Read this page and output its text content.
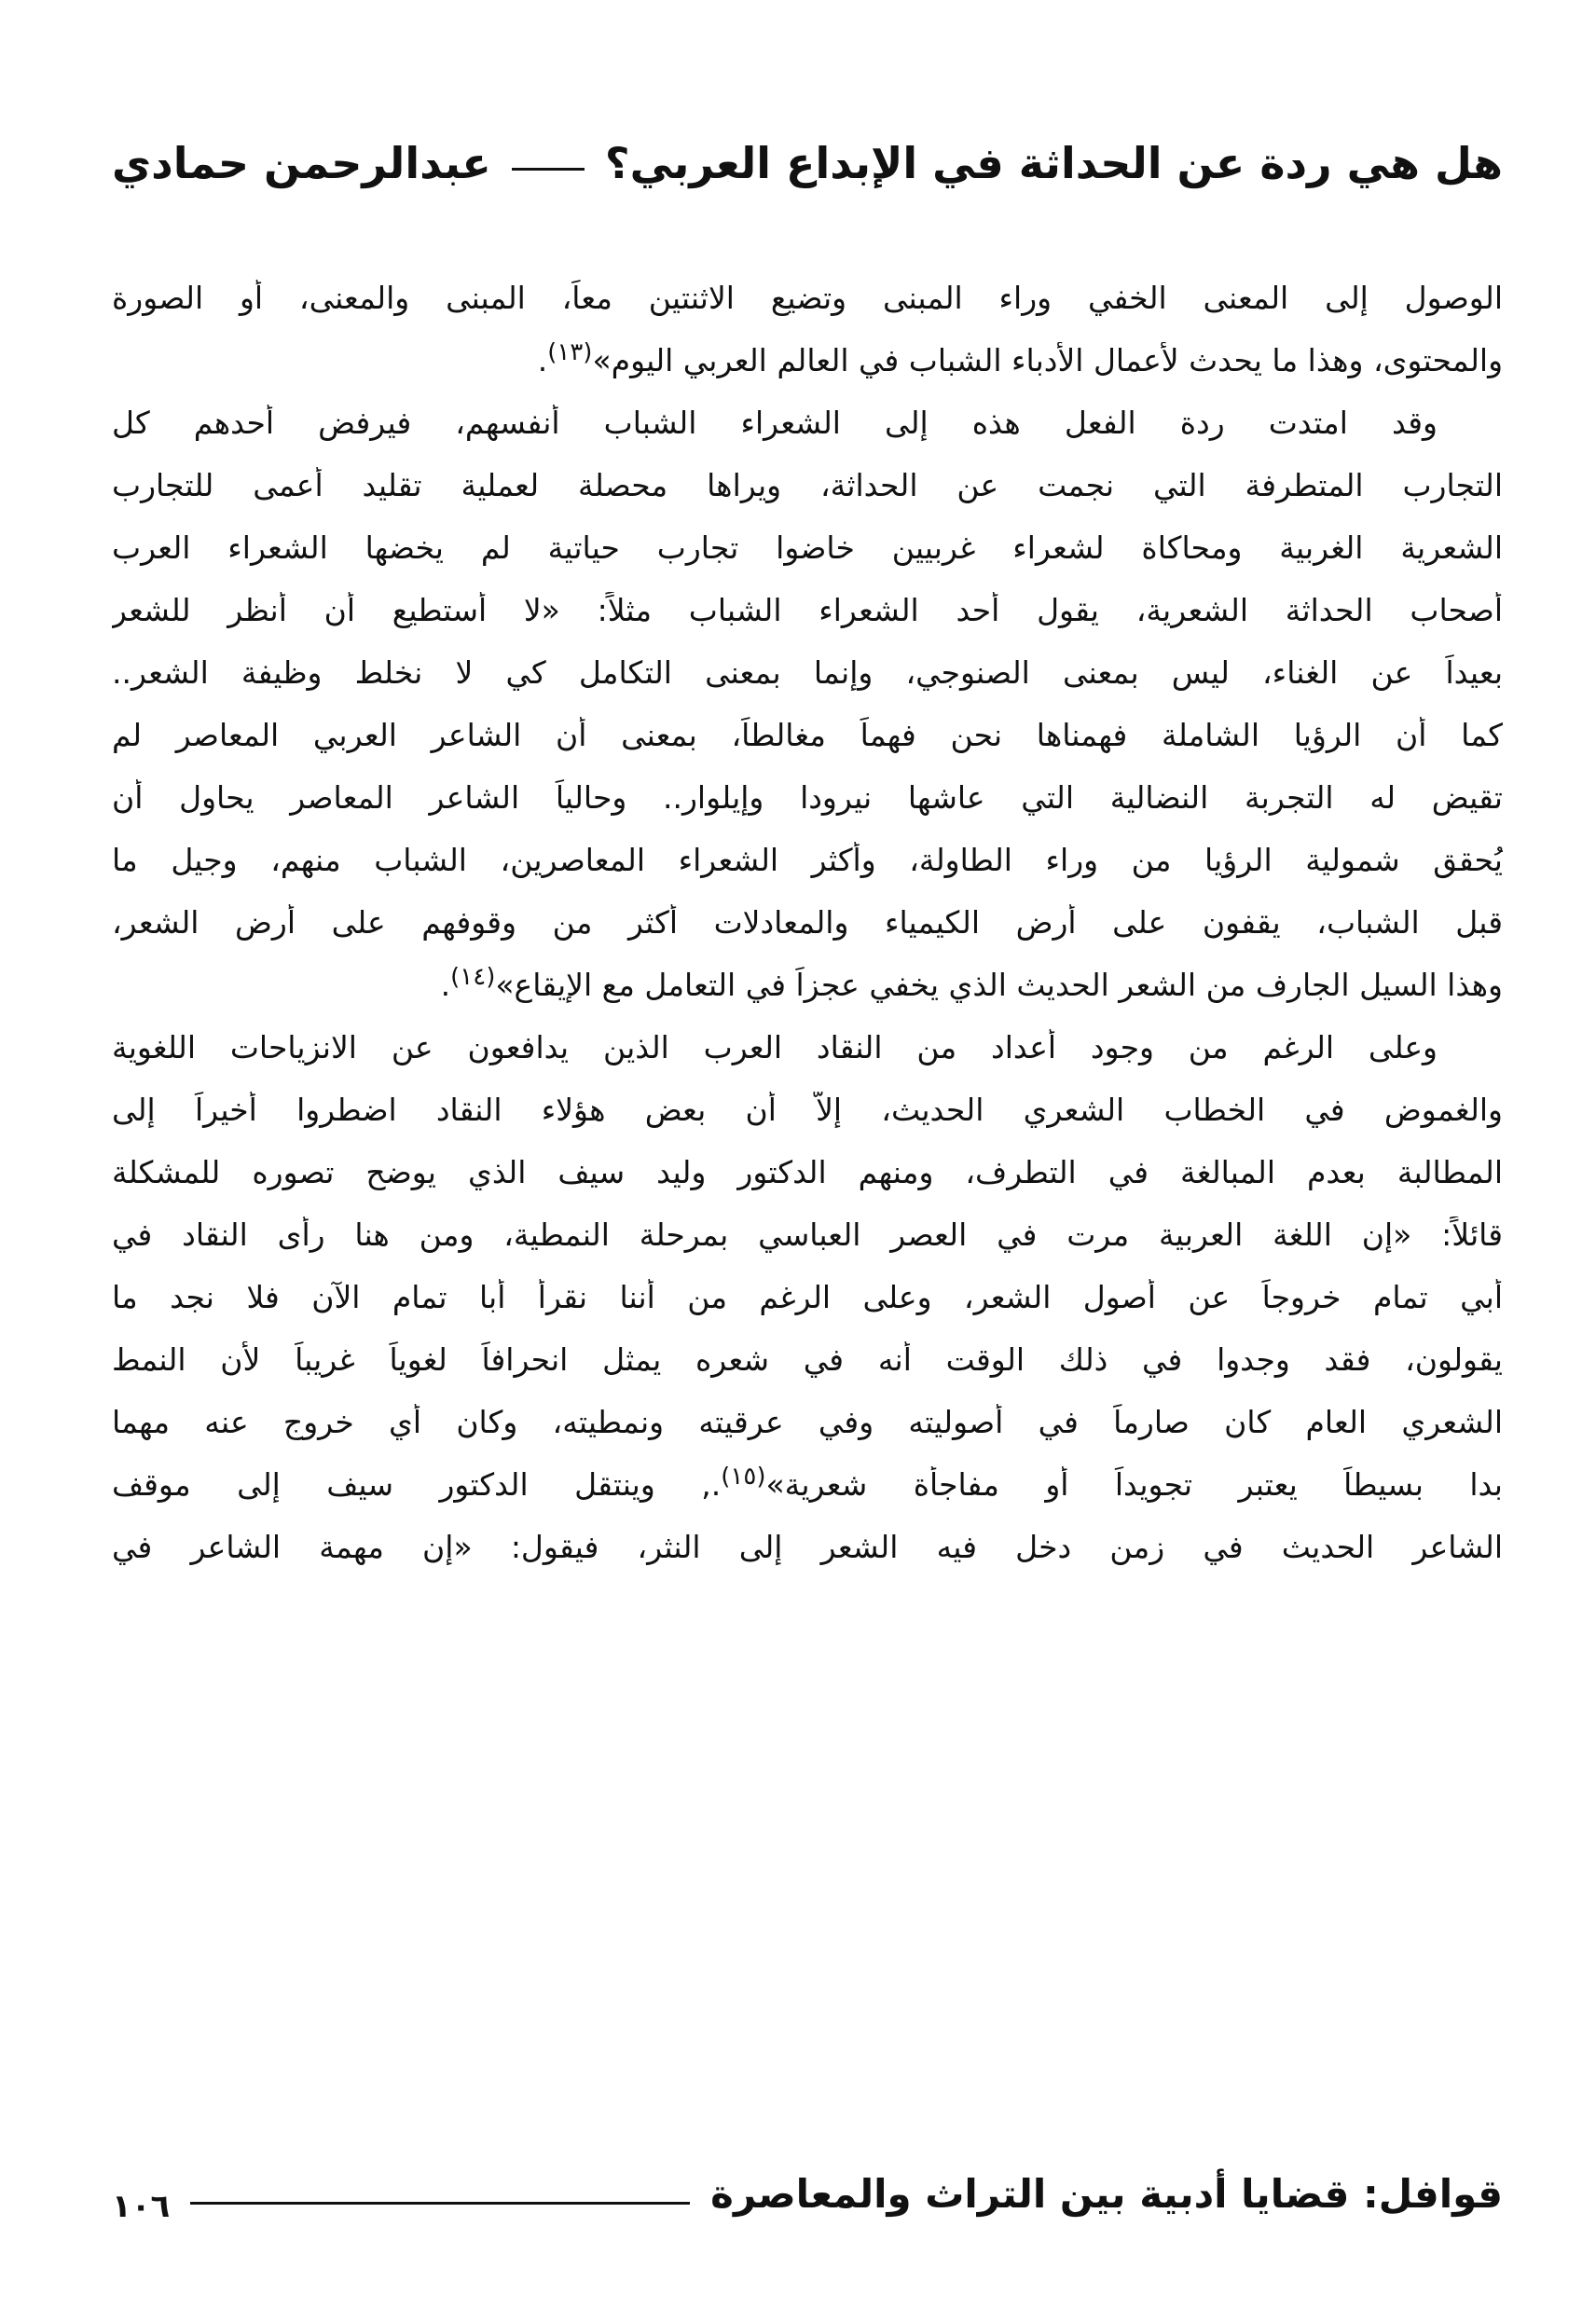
هل هي ردة عن الحداثة في الإبداع العربي؟
عبدالرحمن حمادي
الوصول إلى المعنى الخفي وراء المبنى وتضيع الاثنتين معاً، المبنى والمعنى، أو الصورة
والمحتوى، وهذا ما يحدث لأعمال الأدباء الشباب في العالم العربي اليوم»$^{(١٣)}$.
وقد امتدت ردة الفعل هذه إلى الشعراء الشباب أنفسهم، فيرفض أحدهم كل
التجارب المتطرفة التي نجمت عن الحداثة، ويراها محصلة لعملية تقليد أعمى للتجارب
الشعرية الغربية ومحاكاة لشعراء غربيين خاضوا تجارب حياتية لم يخضها الشعراء العرب
أصحاب الحداثة الشعرية، يقول أحد الشعراء الشباب مثلاً: «لا أستطيع أن أنظر للشعر
بعيداً عن الغناء، ليس بمعنى الصنوجي، وإنما بمعنى التكامل كي لا نخلط وظيفة الشعر..
كما أن الرؤيا الشاملة فهمناها نحن فهماً مغالطاً، بمعنى أن الشاعر العربي المعاصر لم
تقيض له التجربة النضالية التي عاشها نيرودا وإيلوار.. وحالياً الشاعر المعاصر يحاول أن
يُحقق شمولية الرؤيا من وراء الطاولة، وأكثر الشعراء المعاصرين، الشباب منهم، وجيل ما
قبل الشباب، يقفون على أرض الكيمياء والمعادلات أكثر من وقوفهم على أرض الشعر،
وهذا السيل الجارف من الشعر الحديث الذي يخفي عجزاً في التعامل مع الإيقاع»$^{(١٤)}$.
وعلى الرغم من وجود أعداد من النقاد العرب الذين يدافعون عن الانزياحات اللغوية
والغموض في الخطاب الشعري الحديث، إلاّ أن بعض هؤلاء النقاد اضطروا أخيراً إلى
المطالبة بعدم المبالغة في التطرف، ومنهم الدكتور وليد سيف الذي يوضح تصوره للمشكلة
قائلاً: «إن اللغة العربية مرت في العصر العباسي بمرحلة النمطية، ومن هنا رأى النقاد في
أبي تمام خروجاً عن أصول الشعر، وعلى الرغم من أننا نقرأ أبا تمام الآن فلا نجد ما
يقولون، فقد وجدوا في ذلك الوقت أنه في شعره يمثل انحرافاً لغوياً غريباً لأن النمط
الشعري العام كان صارماً في أصوليته وفي عرقيته ونمطيته، وكان أي خروج عنه مهما
بدا بسيطاً يعتبر تجويداً أو مفاجأة شعرية»$^{(١٥)}$., وينتقل الدكتور سيف إلى موقف
الشاعر الحديث في زمن دخل فيه الشعر إلى النثر، فيقول: «إن مهمة الشاعر في
قوافل: قضايا أدبية بين التراث والمعاصرة
١٠٦
